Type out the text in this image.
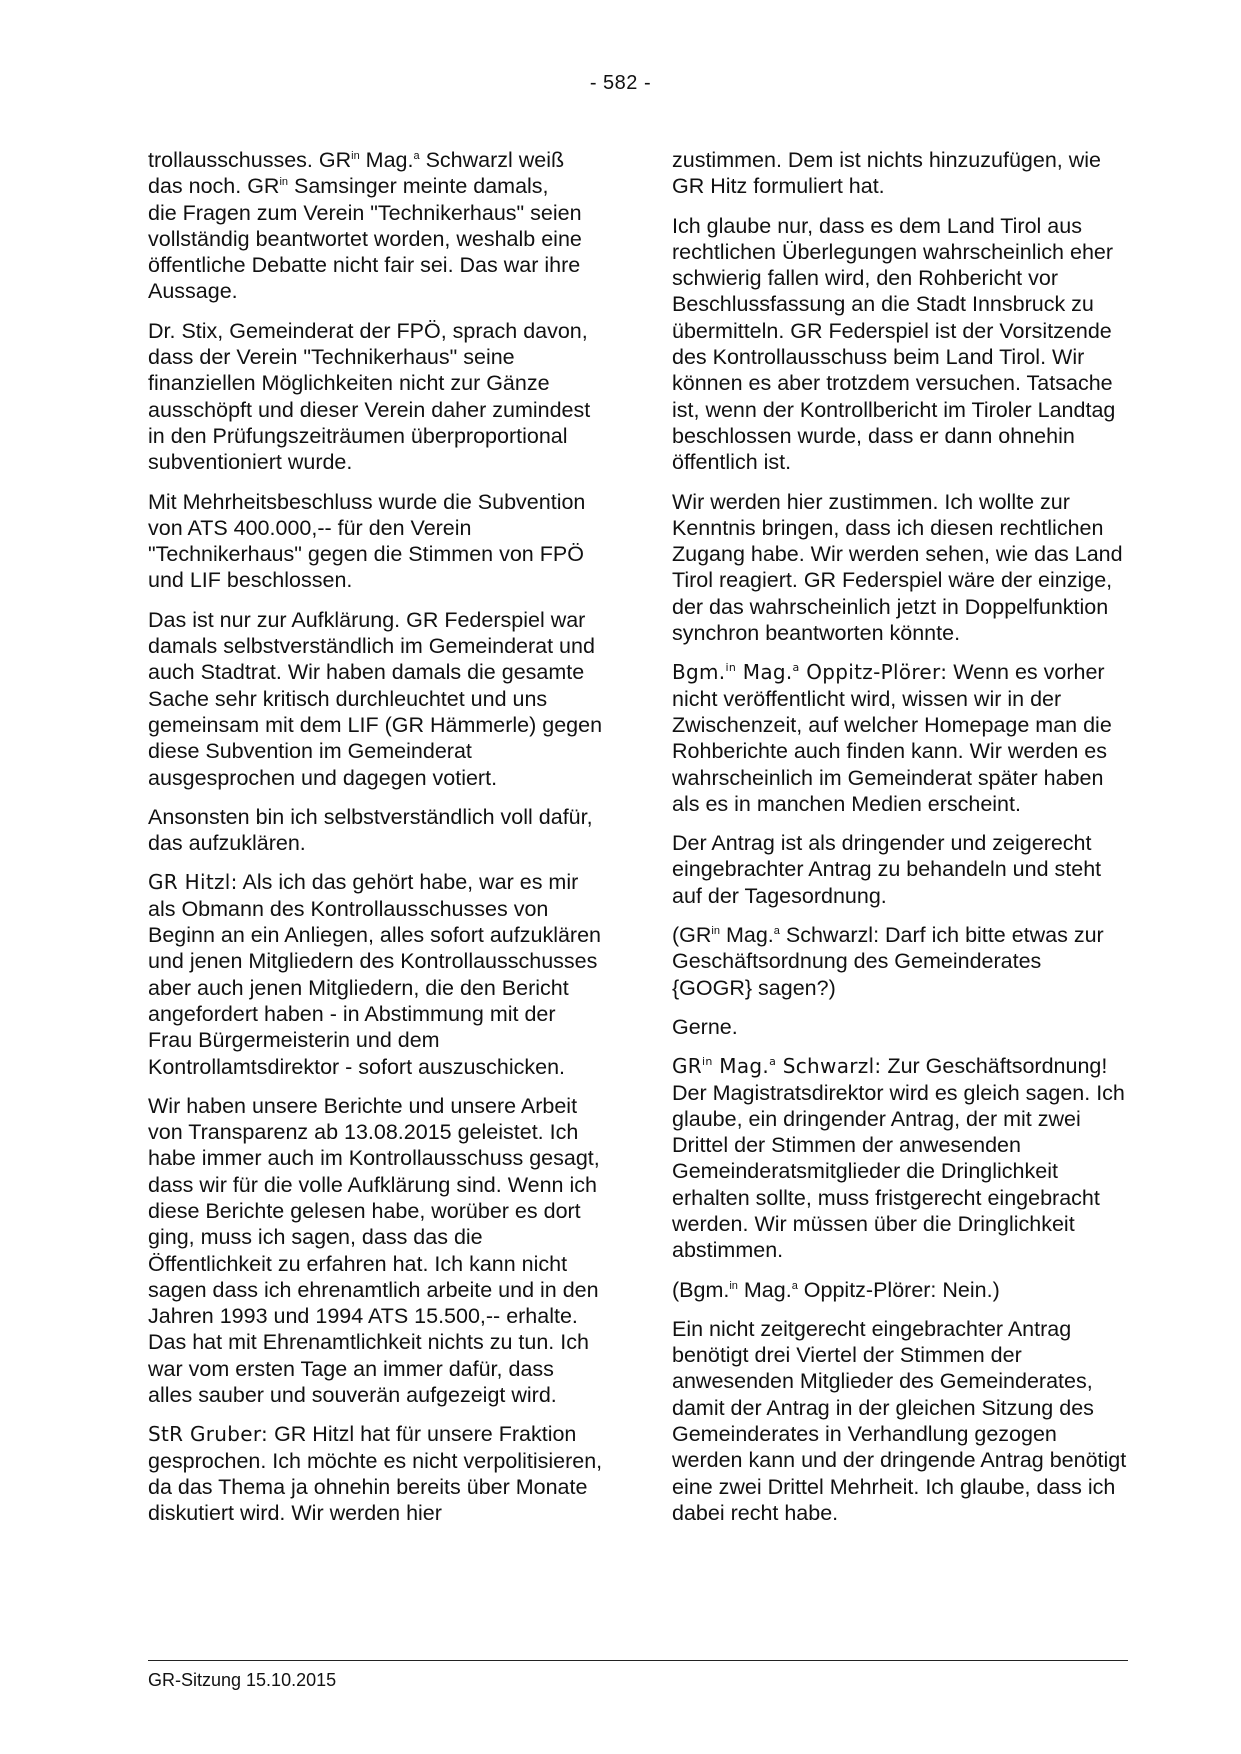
- 582 -

trollausschusses. $GR^{in}$ Mag.$^a$ Schwarzl weiß
das noch. $GR^{in}$ Samsinger meinte damals,
die Fragen zum Verein "Technikerhaus" seien vollständig beantwortet worden, weshalb eine öffentliche Debatte nicht fair sei. Das war ihre Aussage.

Dr. Stix, Gemeinderat der FPÖ, sprach davon, dass der Verein "Technikerhaus" seine finanziellen Möglichkeiten nicht zur Gänze ausschöpft und dieser Verein daher zumindest in den Prüfungszeiträumen überproportional subventioniert wurde.

Mit Mehrheitsbeschluss wurde die Subvention von ATS 400.000,-- für den Verein "Technikerhaus" gegen die Stimmen von FPÖ und LIF beschlossen.

Das ist nur zur Aufklärung. GR Federspiel war damals selbstverständlich im Gemeinderat und auch Stadtrat. Wir haben damals die gesamte Sache sehr kritisch durchleuchtet und uns gemeinsam mit dem LIF (GR Hämmerle) gegen diese Subvention im Gemeinderat ausgesprochen und dagegen votiert.

Ansonsten bin ich selbstverständlich voll dafür, das aufzuklären.

GR Hitzl: Als ich das gehört habe, war es mir als Obmann des Kontrollausschusses von Beginn an ein Anliegen, alles sofort aufzuklären und jenen Mitgliedern des Kontrollausschusses aber auch jenen Mitgliedern, die den Bericht angefordert haben - in Abstimmung mit der Frau Bürgermeisterin und dem Kontrollamtsdirektor - sofort auszuschicken.

Wir haben unsere Berichte und unsere Arbeit von Transparenz ab 13.08.2015 geleistet. Ich habe immer auch im Kontrollausschuss gesagt, dass wir für die volle Aufklärung sind. Wenn ich diese Berichte gelesen habe, worüber es dort ging, muss ich sagen, dass das die Öffentlichkeit zu erfahren hat. Ich kann nicht sagen dass ich ehrenamtlich arbeite und in den Jahren 1993 und 1994 ATS 15.500,-- erhalte. Das hat mit Ehrenamtlichkeit nichts zu tun. Ich war vom ersten Tage an immer dafür, dass alles sauber und souverän aufgezeigt wird.

StR Gruber: GR Hitzl hat für unsere Fraktion gesprochen. Ich möchte es nicht verpolitisieren, da das Thema ja ohnehin bereits über Monate diskutiert wird. Wir werden hier

zustimmen. Dem ist nichts hinzuzufügen, wie GR Hitz formuliert hat.

Ich glaube nur, dass es dem Land Tirol aus rechtlichen Überlegungen wahrscheinlich eher schwierig fallen wird, den Rohbericht vor Beschlussfassung an die Stadt Innsbruck zu übermitteln. GR Federspiel ist der Vorsitzende des Kontrollausschuss beim Land Tirol. Wir können es aber trotzdem versuchen. Tatsache ist, wenn der Kontrollbericht im Tiroler Landtag beschlossen wurde, dass er dann ohnehin öffentlich ist.

Wir werden hier zustimmen. Ich wollte zur Kenntnis bringen, dass ich diesen rechtlichen Zugang habe. Wir werden sehen, wie das Land Tirol reagiert. GR Federspiel wäre der einzige, der das wahrscheinlich jetzt in Doppelfunktion synchron beantworten könnte.

Bgm.$^{in}$ Mag.$^a$ Oppitz-Plörer: Wenn es vorher nicht veröffentlicht wird, wissen wir in der Zwischenzeit, auf welcher Homepage man die Rohberichte auch finden kann. Wir werden es wahrscheinlich im Gemeinderat später haben als es in manchen Medien erscheint.

Der Antrag ist als dringender und zeigerecht eingebrachter Antrag zu behandeln und steht auf der Tagesordnung.

($GR^{in}$ Mag.$^a$ Schwarzl: Darf ich bitte etwas zur Geschäftsordnung des Gemeinderates {GOGR} sagen?)

Gerne.

$GR^{in}$ Mag.$^a$ Schwarzl: Zur Geschäftsordnung! Der Magistratsdirektor wird es gleich sagen. Ich glaube, ein dringender Antrag, der mit zwei Drittel der Stimmen der anwesenden Gemeinderatsmitglieder die Dringlichkeit erhalten sollte, muss fristgerecht eingebracht werden. Wir müssen über die Dringlichkeit abstimmen.

(Bgm.$^{in}$ Mag.$^a$ Oppitz-Plörer: Nein.)

Ein nicht zeitgerecht eingebrachter Antrag benötigt drei Viertel der Stimmen der anwesenden Mitglieder des Gemeinderates, damit der Antrag in der gleichen Sitzung des Gemeinderates in Verhandlung gezogen werden kann und der dringende Antrag benötigt eine zwei Drittel Mehrheit. Ich glaube, dass ich dabei recht habe.

GR-Sitzung 15.10.2015
